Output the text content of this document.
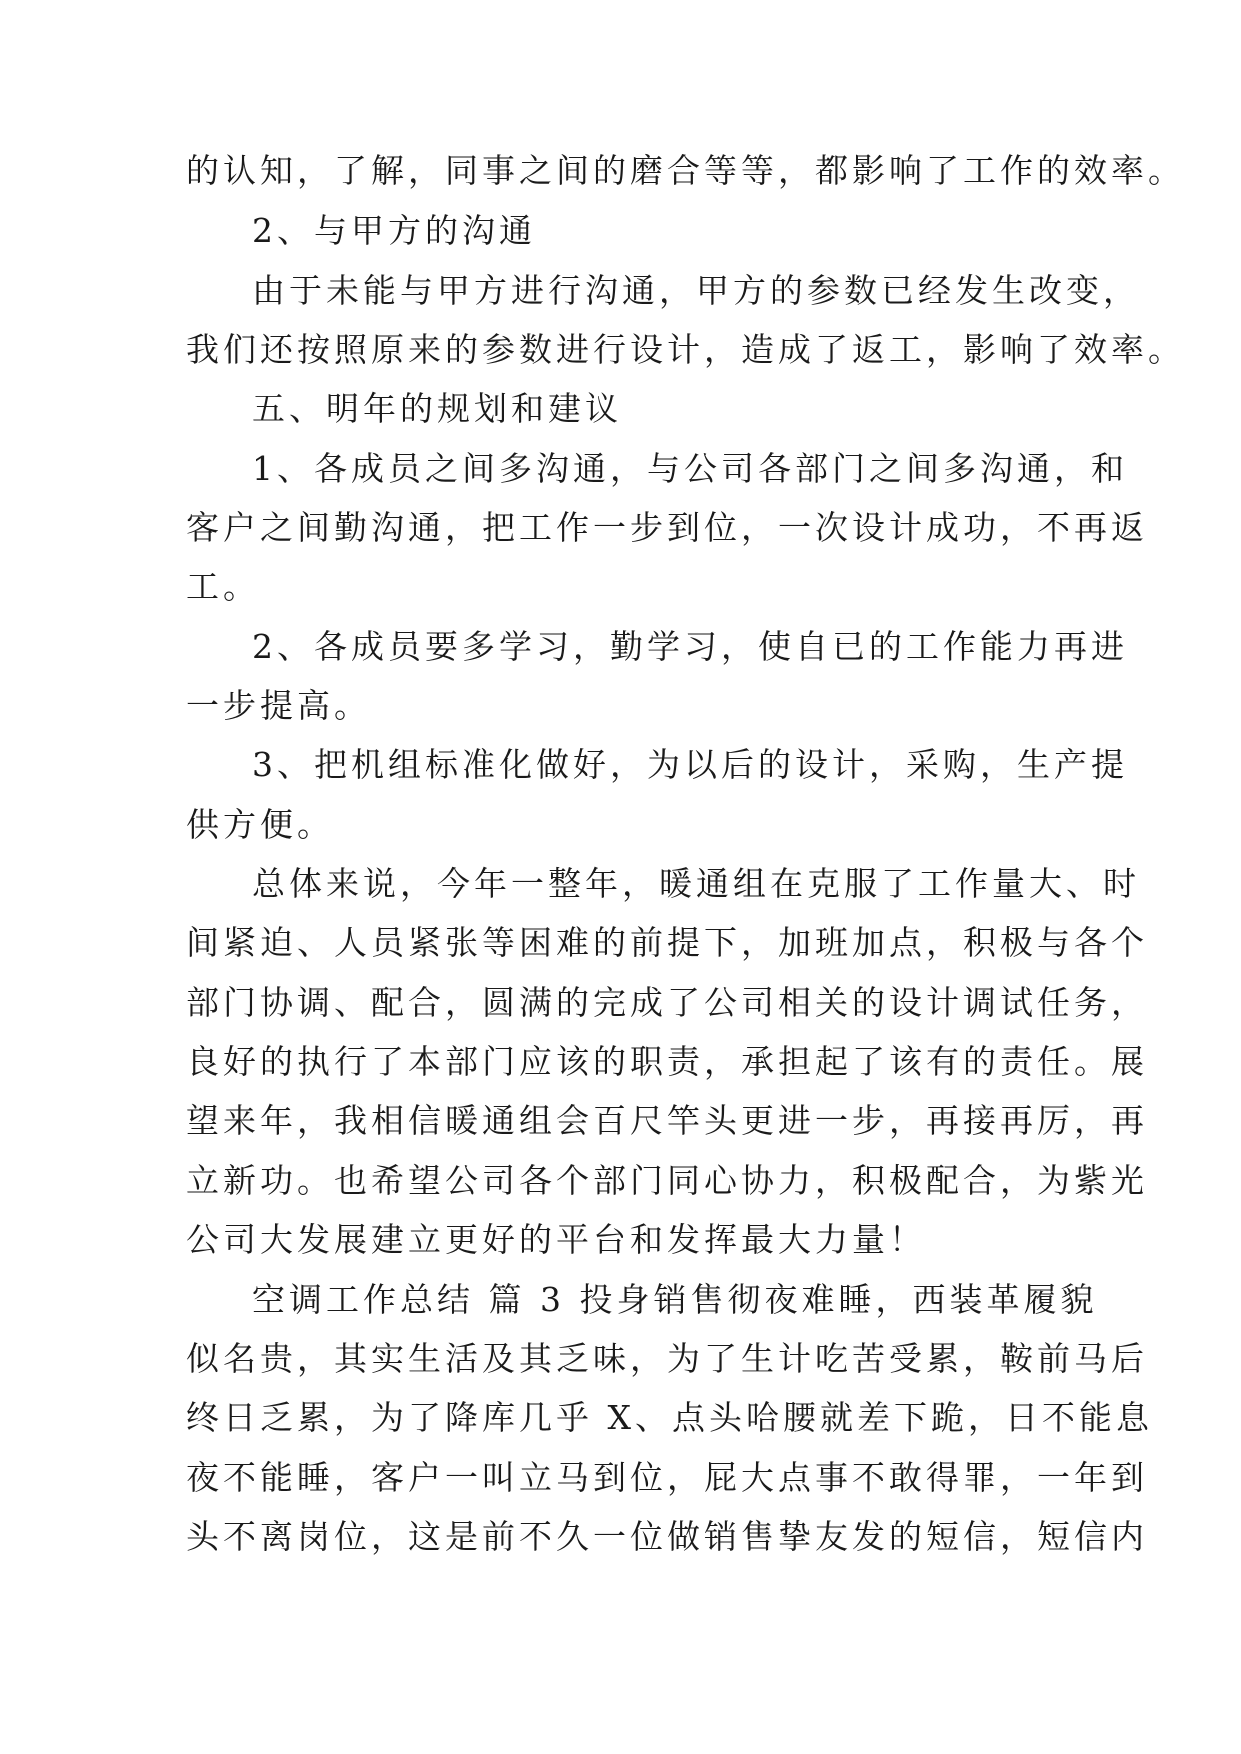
的认知，了解，同事之间的磨合等等，都影响了工作的效率。
2、与甲方的沟通
由于未能与甲方进行沟通，甲方的参数已经发生改变，
我们还按照原来的参数进行设计，造成了返工，影响了效率。
五、明年的规划和建议
1、各成员之间多沟通，与公司各部门之间多沟通，和
客户之间勤沟通，把工作一步到位，一次设计成功，不再返
工。
2、各成员要多学习，勤学习，使自已的工作能力再进
一步提高。
3、把机组标准化做好，为以后的设计，采购，生产提
供方便。
总体来说，今年一整年，暖通组在克服了工作量大、时
间紧迫、人员紧张等困难的前提下，加班加点，积极与各个
部门协调、配合，圆满的完成了公司相关的设计调试任务，
良好的执行了本部门应该的职责，承担起了该有的责任。展
望来年，我相信暖通组会百尺竿头更进一步，再接再厉，再
立新功。也希望公司各个部门同心协力，积极配合，为紫光
公司大发展建立更好的平台和发挥最大力量！
空调工作总结 篇 3 投身销售彻夜难睡，西装革履貌
似名贵，其实生活及其乏味，为了生计吃苦受累，鞍前马后
终日乏累，为了降库几乎 X、点头哈腰就差下跪，日不能息
夜不能睡，客户一叫立马到位，屁大点事不敢得罪，一年到
头不离岗位，这是前不久一位做销售挚友发的短信，短信内
